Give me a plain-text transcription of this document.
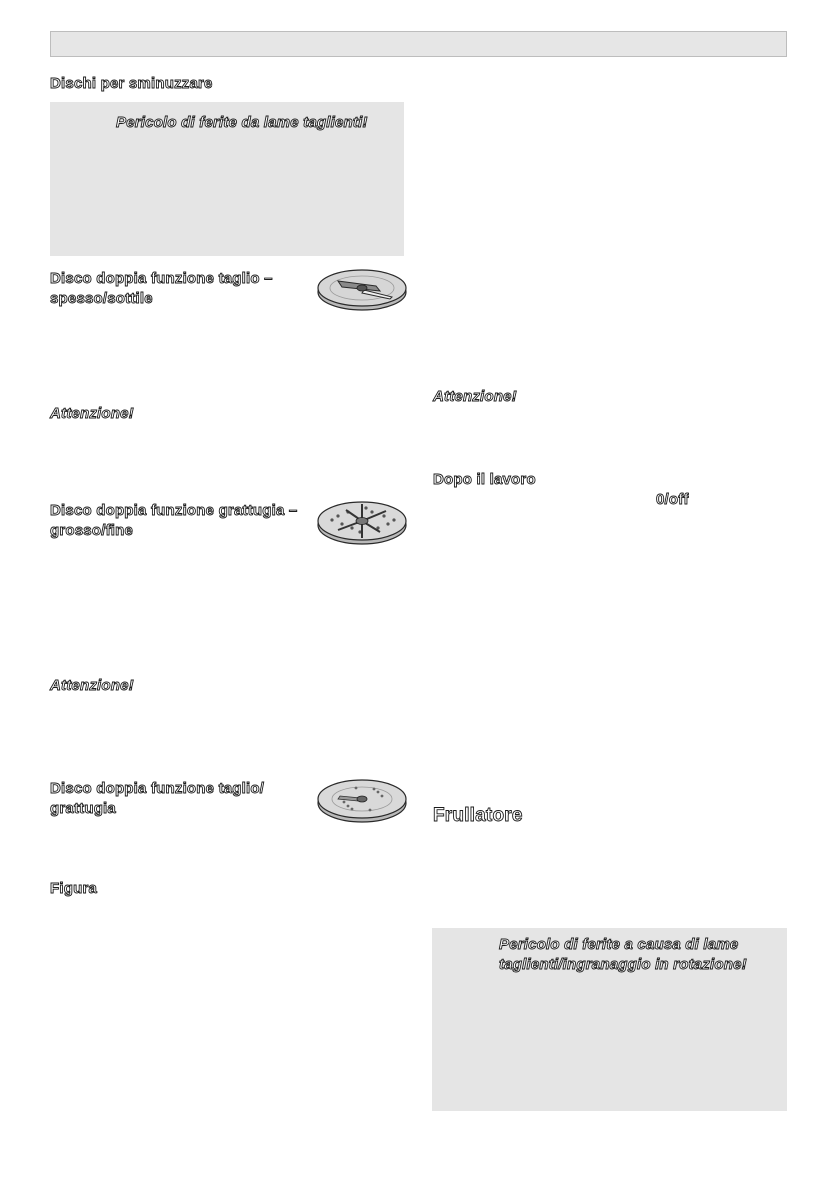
Dischi per sminuzzare
Pericolo di ferite da lame taglienti!
Disco doppia funzione taglio –
spesso/sottile
Attenzione!
Disco doppia funzione grattugia –
grosso/fine
Attenzione!
Disco doppia funzione taglio/
grattugia
Figura
Attenzione!
Dopo il lavoro
0/off
Frullatore
Pericolo di ferite a causa di lame
taglienti/ingranaggio in rotazione!
